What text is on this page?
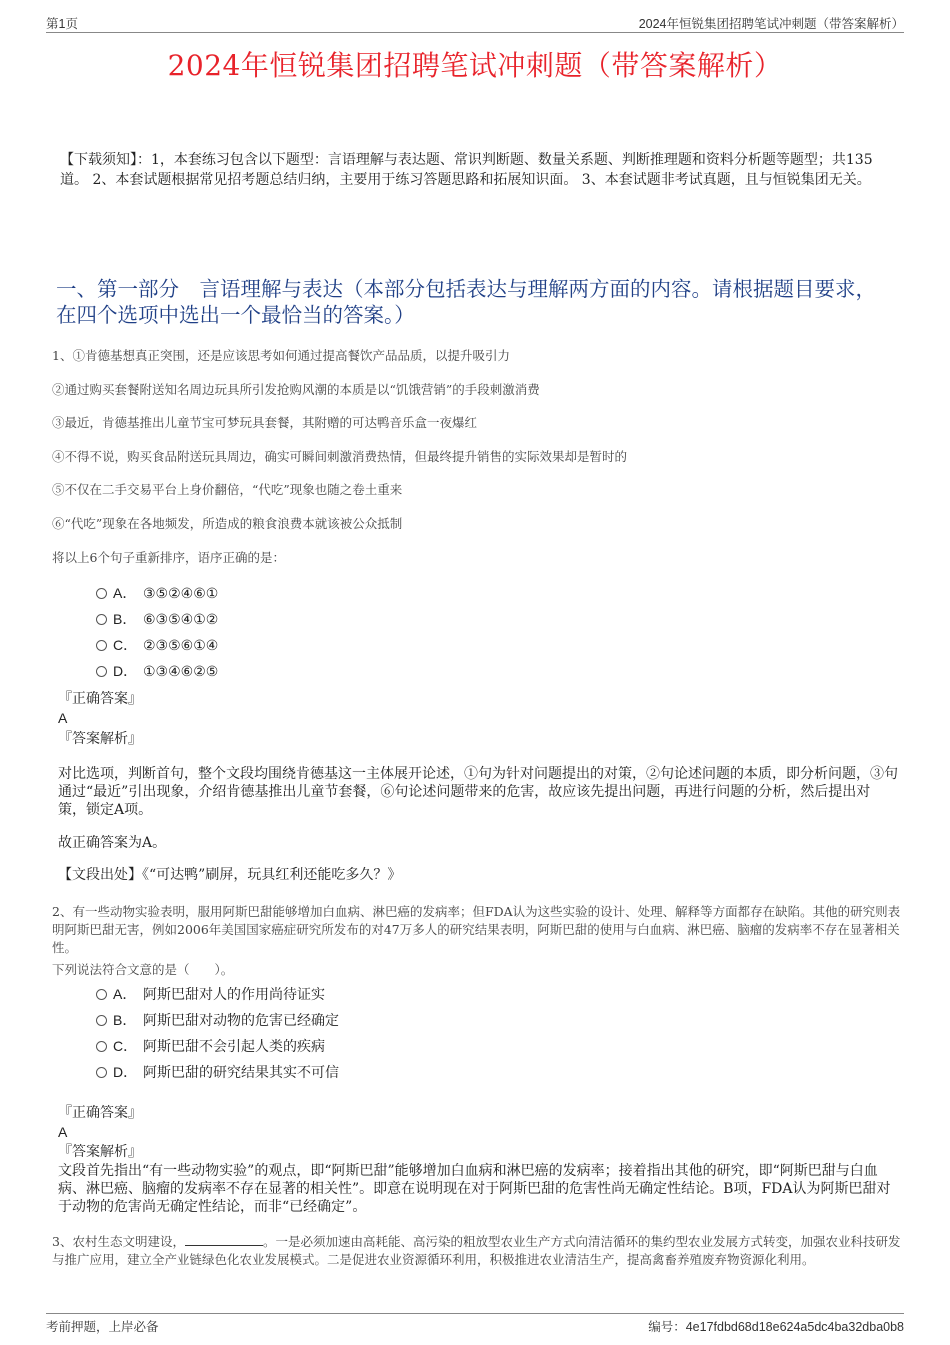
第1页	2024年恒锐集团招聘笔试冲刺题（带答案解析）
2024年恒锐集团招聘笔试冲刺题（带答案解析）
【下载须知】：1，本套练习包含以下题型：言语理解与表达题、常识判断题、数量关系题、判断推理题和资料分析题等题型；共135道。 2、本套试题根据常见招考题总结归纳，主要用于练习答题思路和拓展知识面。 3、本套试题非考试真题，且与恒锐集团无关。
一、第一部分　言语理解与表达（本部分包括表达与理解两方面的内容。请根据题目要求，在四个选项中选出一个最恰当的答案。）
1、①肯德基想真正突围，还是应该思考如何通过提高餐饮产品品质，以提升吸引力
②通过购买套餐附送知名周边玩具所引发抢购风潮的本质是以“饥饿营销”的手段刺激消费
③最近，肯德基推出儿童节宝可梦玩具套餐，其附赠的可达鸭音乐盒一夜爆红
④不得不说，购买食品附送玩具周边，确实可瞬间刺激消费热情，但最终提升销售的实际效果却是暂时的
⑤不仅在二手交易平台上身价翻倍，“代吃”现象也随之卷土重来
⑥“代吃”现象在各地频发，所造成的粮食浪费本就该被公众抵制
将以上6个句子重新排序，语序正确的是：
A． ③⑤②④⑥①
B． ⑥③⑤④①②
C． ②③⑤⑥①④
D． ①③④⑥②⑤
『正确答案』
A
『答案解析』
对比选项，判断首句，整个文段均围绕肯德基这一主体展开论述，①句为针对问题提出的对策，②句论述问题的本质，即分析问题，③句通过“最近”引出现象，介绍肯德基推出儿童节套餐，⑥句论述问题带来的危害，故应该先提出问题，再进行问题的分析，然后提出对策，锁定A项。
故正确答案为A。
【文段出处】《“可达鸭”刷屏，玩具红利还能吃多久？》
2、有一些动物实验表明，服用阿斯巴甜能够增加白血病、淋巴癌的发病率；但FDA认为这些实验的设计、处理、解释等方面都存在缺陷。其他的研究则表明阿斯巴甜无害，例如2006年美国国家癌症研究所发布的对47万多人的研究结果表明，阿斯巴甜的使用与白血病、淋巴癌、脑瘤的发病率不存在显著相关性。
下列说法符合文意的是（　　）。
A． 阿斯巴甜对人的作用尚待证实
B． 阿斯巴甜对动物的危害已经确定
C． 阿斯巴甜不会引起人类的疾病
D． 阿斯巴甜的研究结果其实不可信
『正确答案』
A
『答案解析』
文段首先指出“有一些动物实验”的观点，即“阿斯巴甜”能够增加白血病和淋巴癌的发病率；接着指出其他的研究，即“阿斯巴甜与白血病、淋巴癌、脑瘤的发病率不存在显著的相关性”。即意在说明现在对于阿斯巴甜的危害性尚无确定性结论。B项，FDA认为阿斯巴甜对于动物的危害尚无确定性结论，而非“已经确定”。
3、农村生态文明建设，	。一是必须加速由高耗能、高污染的粗放型农业生产方式向清洁循环的集约型农业发展方式转变，加强农业科技研发与推广应用，建立全产业链绿色化农业发展模式。二是促进农业资源循环利用，积极推进农业清洁生产，提高禽畜养殖废弃物资源化利用。
考前押题，上岸必备	编号：4e17fdbd68d18e624a5dc4ba32dba0b8
